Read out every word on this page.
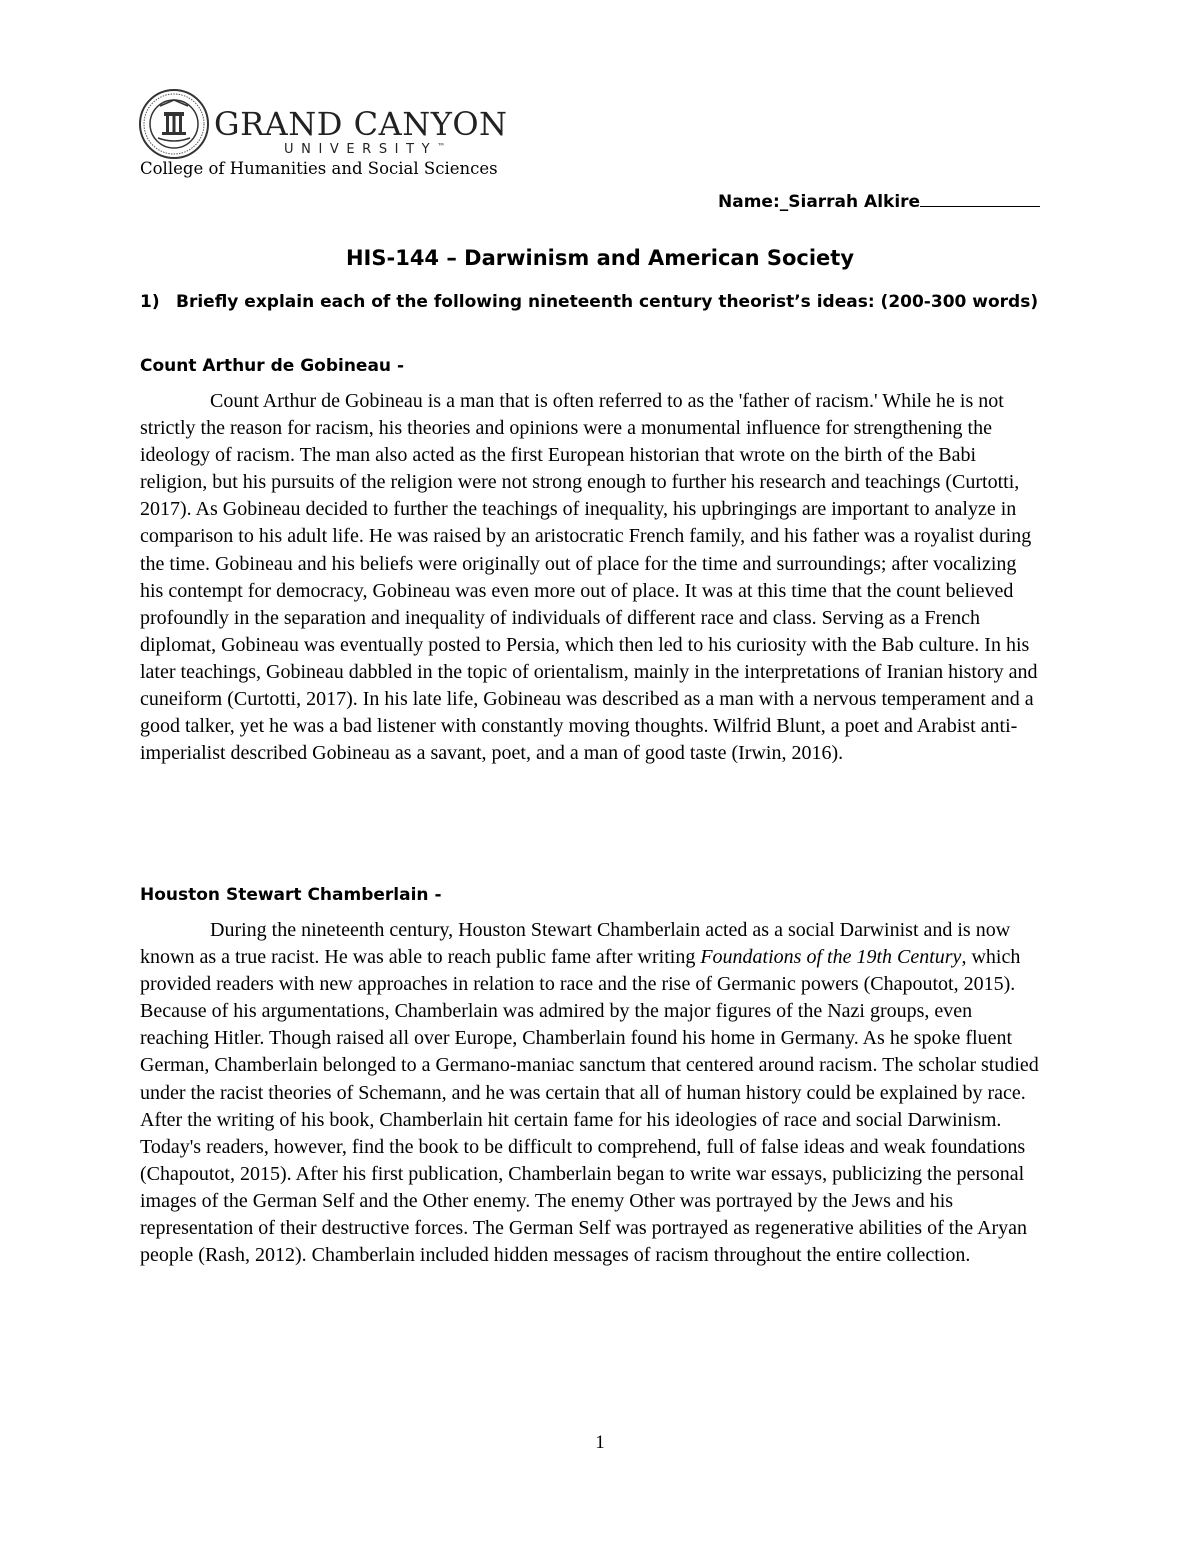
GRAND CANYON
UNIVERSITY™
College of Humanities and Social Sciences
Name:_Siarrah Alkire
HIS-144 – Darwinism and American Society
1) Briefly explain each of the following nineteenth century theorist’s ideas: (200-300 words)
Count Arthur de Gobineau -

Count Arthur de Gobineau is a man that is often referred to as the 'father of racism.' While he is not strictly the reason for racism, his theories and opinions were a monumental influence for strengthening the ideology of racism. The man also acted as the first European historian that wrote on the birth of the Babi religion, but his pursuits of the religion were not strong enough to further his research and teachings (Curtotti, 2017). As Gobineau decided to further the teachings of inequality, his upbringings are important to analyze in comparison to his adult life. He was raised by an aristocratic French family, and his father was a royalist during the time. Gobineau and his beliefs were originally out of place for the time and surroundings; after vocalizing his contempt for democracy, Gobineau was even more out of place. It was at this time that the count believed profoundly in the separation and inequality of individuals of different race and class. Serving as a French diplomat, Gobineau was eventually posted to Persia, which then led to his curiosity with the Bab culture. In his later teachings, Gobineau dabbled in the topic of orientalism, mainly in the interpretations of Iranian history and cuneiform (Curtotti, 2017). In his late life, Gobineau was described as a man with a nervous temperament and a good talker, yet he was a bad listener with constantly moving thoughts. Wilfrid Blunt, a poet and Arabist anti-imperialist described Gobineau as a savant, poet, and a man of good taste (Irwin, 2016).

Houston Stewart Chamberlain -

During the nineteenth century, Houston Stewart Chamberlain acted as a social Darwinist and is now known as a true racist. He was able to reach public fame after writing Foundations of the 19th Century, which provided readers with new approaches in relation to race and the rise of Germanic powers (Chapoutot, 2015). Because of his argumentations, Chamberlain was admired by the major figures of the Nazi groups, even reaching Hitler. Though raised all over Europe, Chamberlain found his home in Germany. As he spoke fluent German, Chamberlain belonged to a Germano-maniac sanctum that centered around racism. The scholar studied under the racist theories of Schemann, and he was certain that all of human history could be explained by race. After the writing of his book, Chamberlain hit certain fame for his ideologies of race and social Darwinism. Today's readers, however, find the book to be difficult to comprehend, full of false ideas and weak foundations (Chapoutot, 2015). After his first publication, Chamberlain began to write war essays, publicizing the personal images of the German Self and the Other enemy. The enemy Other was portrayed by the Jews and his representation of their destructive forces. The German Self was portrayed as regenerative abilities of the Aryan people (Rash, 2012). Chamberlain included hidden messages of racism throughout the entire collection.

1
